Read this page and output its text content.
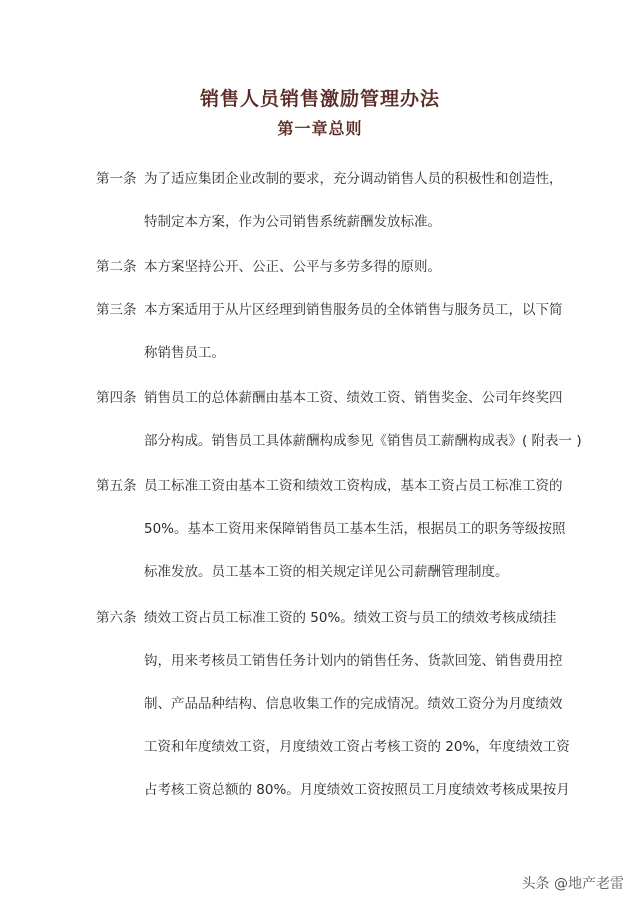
销售人员销售激励管理办法
第一章总则
第一条 为了适应集团企业改制的要求，充分调动销售人员的积极性和创造性，
特制定本方案，作为公司销售系统薪酬发放标准。
第二条 本方案坚持公开、公正、公平与多劳多得的原则。
第三条 本方案适用于从片区经理到销售服务员的全体销售与服务员工，以下简
称销售员工。
第四条 销售员工的总体薪酬由基本工资、绩效工资、销售奖金、公司年终奖四
部分构成。销售员工具体薪酬构成参见《销售员工薪酬构成表》( 附表一 )
第五条 员工标准工资由基本工资和绩效工资构成，基本工资占员工标准工资的
50%。基本工资用来保障销售员工基本生活，根据员工的职务等级按照
标准发放。员工基本工资的相关规定详见公司薪酬管理制度。
第六条 绩效工资占员工标准工资的 50%。绩效工资与员工的绩效考核成绩挂
钩，用来考核员工销售任务计划内的销售任务、货款回笼、销售费用控
制、产品品种结构、信息收集工作的完成情况。绩效工资分为月度绩效
工资和年度绩效工资，月度绩效工资占考核工资的 20%，年度绩效工资
占考核工资总额的 80%。月度绩效工资按照员工月度绩效考核成果按月
头条 @地产老雷
